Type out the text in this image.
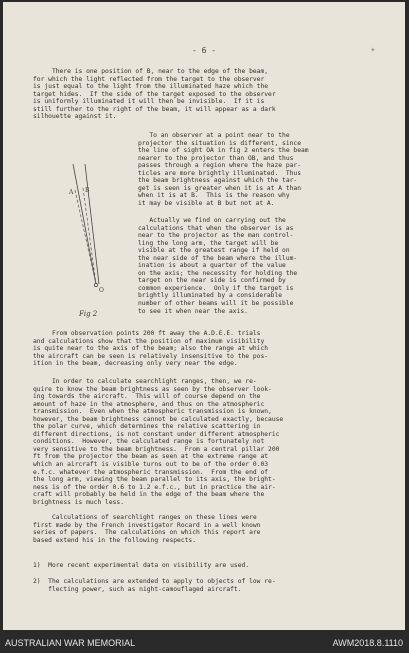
- 6 -	+
There is one position of B, near to the edge of the beam,
for which the light reflected from the target to the observer
is just equal to the light from the illuminated haze which the
target hides.  If the side of the target exposed to the observer
is uniformly illuminated it will then be invisible.  If it is
still further to the right of the beam, it will appear as a dark
silhouette against it.
To an observer at a point near to the
projector the situation is different, since
the line of sight OA in fig 2 enters the beam
nearer to the projector than OB, and thus
passes through a region where the haze par-
ticles are more brightly illuminated.  Thus
the beam brightness against which the tar-
get is seen is greater when it is at A than
when it is at B.  This is the reason why
it may be visible at B but not at A.
Actually we find on carrying out the
calculations that when the observer is as
near to the projector as the man control-
ling the long arm, the target will be
visible at the greatest range if held on
the near side of the beam where the illum-
ination is about a quarter of the value
on the axis; the necessity for holding the
target on the near side is confirmed by
common experience.  Only if the target is
brightly illuminated by a considerable
number of other beams will it be possible
to see it when near the axis.
From observation points 200 ft away the A.D.E.E. trials
and calculations show that the position of maximum visibility
is quite near to the axis of the beam; also the range at which
the aircraft can be seen is relatively insensitive to the pos-
ition in the beam, decreasing only very near the edge.
In order to calculate searchlight ranges, then, we re-
quire to know the beam brightness as seen by the observer look-
ing towards the aircraft.  This will of course depend on the
amount of haze in the atmosphere, and thus on the atmospheric
transmission.  Even when the atmospheric transmission is known,
however, the beam brightness cannot be calculated exactly, because
the polar curve, which determines the relative scattering in
different directions, is not constant under different atmospheric
conditions.  However, the calculated range is fortunately not
very sensitive to the beam brightness.  From a central pillar 200
ft from the projector the beam as seen at the extreme range at
which an aircraft is visible turns out to be of the order 0.03
e.f.c. whatever the atmospheric transmission.  From the end of
the long arm, viewing the beam parallel to its axis, the bright-
ness is of the order 0.6 to 1.2 e.f.c., but in practice the air-
craft will probably be held in the edge of the beam where the
brightness is much less.
Calculations of searchlight ranges on these lines were
first made by the French investigator Rocard in a well known
series of papers.  The calculations on which this report are
based extend his in the following respects.
1)  More recent experimental data on visibility are used.
2)  The calculations are extended to apply to objects of low re-
flecting power, such as night-camouflaged aircraft.
A B
O
Fig 2
AUSTRALIAN WAR MEMORIAL	AWM2018.8.1110
